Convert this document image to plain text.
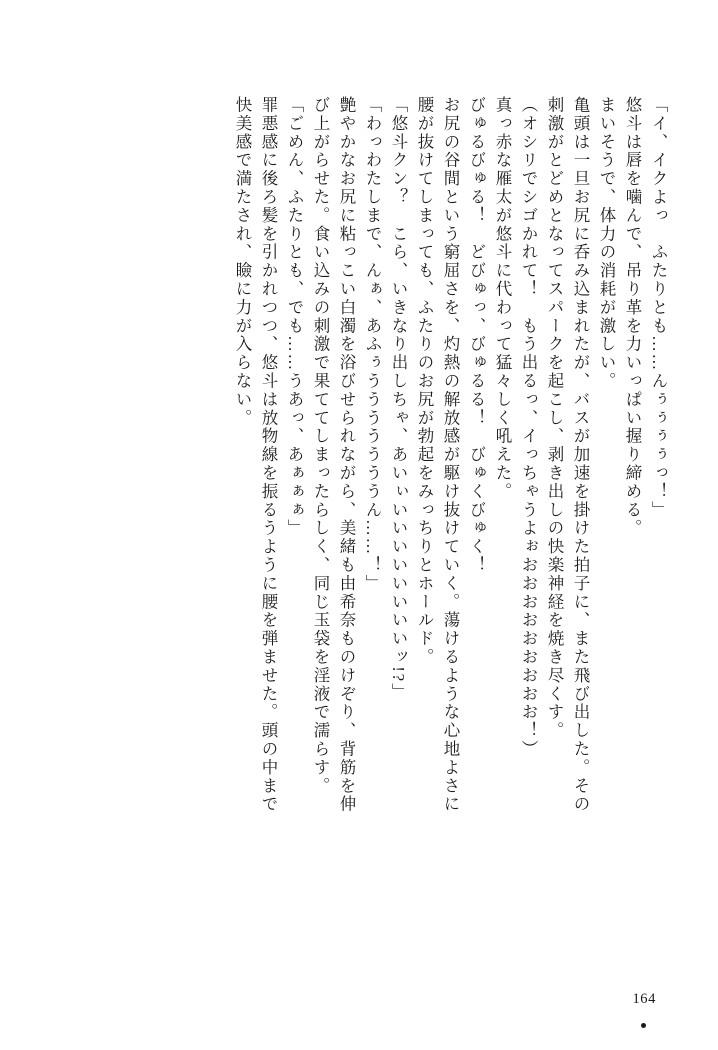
「イ、イクよっ　ふたりとも……んぅぅぅぅっ！」
悠斗は唇を噛んで、吊り革を力いっぱい握り締める。
まいそうで、体力の消耗が激しい。
亀頭は一旦お尻に呑み込まれたが、バスが加速を掛けた拍子に、また飛び出した。その
刺激がとどめとなってスパークを起こし、剥き出しの快楽神経を焼き尽くす。
（オシリでシゴかれて！　もう出るっ、イっちゃうよぉおおおおおおおおお！）
真っ赤な雁太が悠斗に代わって猛々しく吼えた。
びゅるびゅる！　どびゅっ、びゅるる！　びゅくびゅく！
お尻の谷間という窮屈さを、灼熱の解放感が駆け抜けていく。蕩けるような心地よさに
腰が抜けてしまっても、ふたりのお尻が勃起をみっちりとホールド。
「悠斗クン？　こら、いきなり出しちゃ、あいぃいいいいいいいいッ!?」
「わっわたしまで、んぁ、あふぅうううううううん……！」
艶やかなお尻に粘っこい白濁を浴びせられながら、美緒も由希奈ものけぞり、背筋を伸
び上がらせた。食い込みの刺激で果ててしまったらしく、同じ玉袋を淫液で濡らす。
「ごめん、ふたりとも、でも……うあっ、あぁぁぁ」
罪悪感に後ろ髪を引かれつつ、悠斗は放物線を振るうように腰を弾ませた。頭の中まで
快美感で満たされ、瞼に力が入らない。
164
